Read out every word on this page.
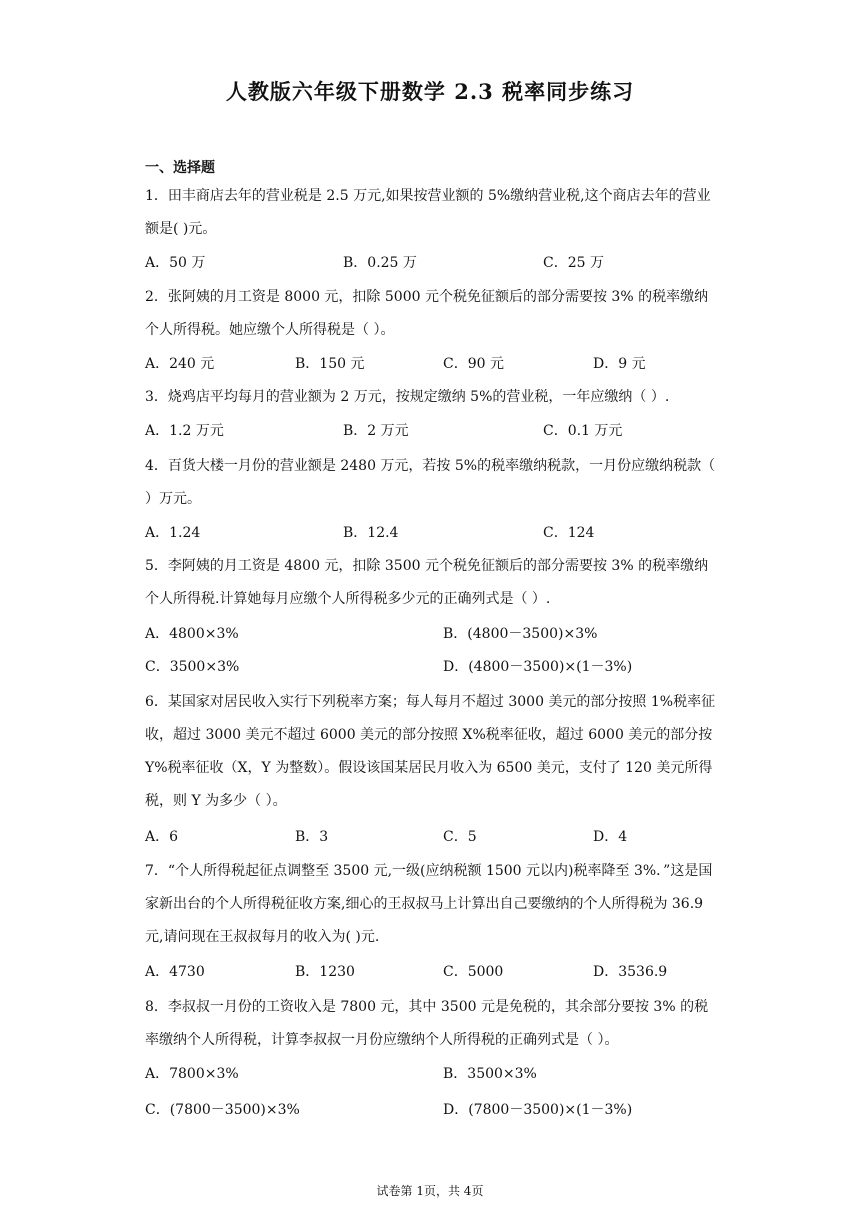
人教版六年级下册数学 2.3 税率同步练习
一、选择题
1．田丰商店去年的营业税是 2.5 万元,如果按营业额的 5%缴纳营业税,这个商店去年的营业额是( )元。
A．50 万	B．0.25 万	C．25 万
2．张阿姨的月工资是 8000 元，扣除 5000 元个税免征额后的部分需要按 3% 的税率缴纳个人所得税。她应缴个人所得税是（ ）。
A．240 元	B．150 元	C．90 元	D．9 元
3．烧鸡店平均每月的营业额为 2 万元，按规定缴纳 5%的营业税，一年应缴纳（ ）.
A．1.2 万元	B．2 万元	C．0.1 万元
4．百货大楼一月份的营业额是 2480 万元，若按 5%的税率缴纳税款，一月份应缴纳税款（ ）万元。
A．1.24	B．12.4	C．124
5．李阿姨的月工资是 4800 元，扣除 3500 元个税免征额后的部分需要按 3% 的税率缴纳个人所得税.计算她每月应缴个人所得税多少元的正确列式是（ ）.
A．4800×3%	B．(4800－3500)×3%
C．3500×3%	D．(4800－3500)×(1－3%)
6．某国家对居民收入实行下列税率方案；每人每月不超过 3000 美元的部分按照 1%税率征收，超过 3000 美元不超过 6000 美元的部分按照 X%税率征收，超过 6000 美元的部分按 Y%税率征收（X，Y 为整数）。假设该国某居民月收入为 6500 美元，支付了 120 美元所得税，则 Y 为多少（ ）。
A．6	B．3	C．5	D．4
7．“个人所得税起征点调整至 3500 元,一级(应纳税额 1500 元以内)税率降至 3%．”这是国家新出台的个人所得税征收方案,细心的王叔叔马上计算出自己要缴纳的个人所得税为 36.9 元,请问现在王叔叔每月的收入为( )元.
A．4730	B．1230	C．5000	D．3536.9
8．李叔叔一月份的工资收入是 7800 元，其中 3500 元是免税的，其余部分要按 3% 的税率缴纳个人所得税，计算李叔叔一月份应缴纳个人所得税的正确列式是（ ）。
A．7800×3%	B．3500×3%
C．(7800－3500)×3%	D．(7800－3500)×(1－3%)
试卷第 1页，共 4页
